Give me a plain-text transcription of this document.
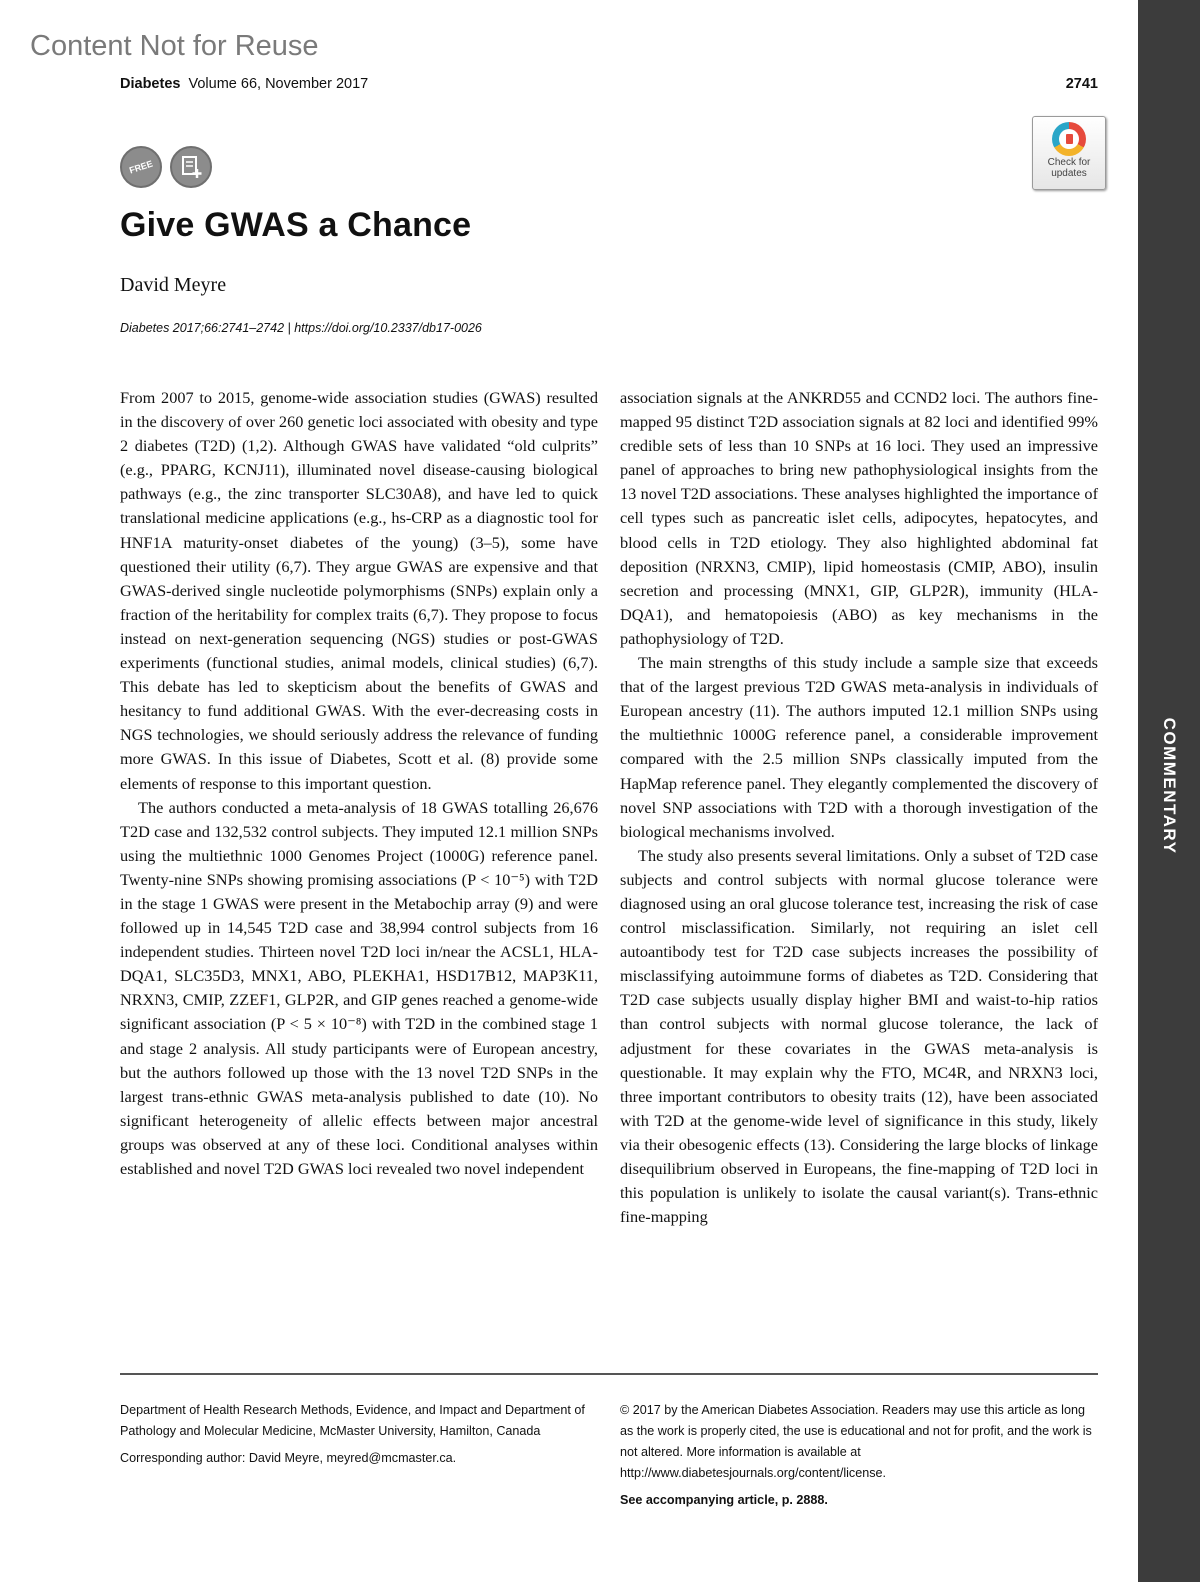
Content Not for Reuse
Diabetes Volume 66, November 2017	2741
FREE	Check for
updates
Give GWAS a Chance
David Meyre
Diabetes 2017;66:2741–2742 | https://doi.org/10.2337/db17-0026

From 2007 to 2015, genome-wide association studies (GWAS) resulted in the discovery of over 260 genetic loci associated with obesity and type 2 diabetes (T2D) (1,2). Although GWAS have validated “old culprits” (e.g., PPARG, KCNJ11), illuminated novel disease-causing biological pathways (e.g., the zinc transporter SLC30A8), and have led to quick translational medicine applications (e.g., hs-CRP as a diagnostic tool for HNF1A maturity-onset diabetes of the young) (3–5), some have questioned their utility (6,7). They argue GWAS are expensive and that GWAS-derived single nucleotide polymorphisms (SNPs) explain only a fraction of the heritability for complex traits (6,7). They propose to focus instead on next-generation sequencing (NGS) studies or post-GWAS experiments (functional studies, animal models, clinical studies) (6,7). This debate has led to skepticism about the benefits of GWAS and hesitancy to fund additional GWAS. With the ever-decreasing costs in NGS technologies, we should seriously address the relevance of funding more GWAS. In this issue of Diabetes, Scott et al. (8) provide some elements of response to this important question.

The authors conducted a meta-analysis of 18 GWAS totalling 26,676 T2D case and 132,532 control subjects. They imputed 12.1 million SNPs using the multiethnic 1000 Genomes Project (1000G) reference panel. Twenty-nine SNPs showing promising associations (P < 10⁻⁵) with T2D in the stage 1 GWAS were present in the Metabochip array (9) and were followed up in 14,545 T2D case and 38,994 control subjects from 16 independent studies. Thirteen novel T2D loci in/near the ACSL1, HLA-DQA1, SLC35D3, MNX1, ABO, PLEKHA1, HSD17B12, MAP3K11, NRXN3, CMIP, ZZEF1, GLP2R, and GIP genes reached a genome-wide significant association (P < 5 × 10⁻⁸) with T2D in the combined stage 1 and stage 2 analysis. All study participants were of European ancestry, but the authors followed up those with the 13 novel T2D SNPs in the largest trans-ethnic GWAS meta-analysis published to date (10). No significant heterogeneity of allelic effects between major ancestral groups was observed at any of these loci. Conditional analyses within established and novel T2D GWAS loci revealed two novel independent

association signals at the ANKRD55 and CCND2 loci. The authors fine-mapped 95 distinct T2D association signals at 82 loci and identified 99% credible sets of less than 10 SNPs at 16 loci. They used an impressive panel of approaches to bring new pathophysiological insights from the 13 novel T2D associations. These analyses highlighted the importance of cell types such as pancreatic islet cells, adipocytes, hepatocytes, and blood cells in T2D etiology. They also highlighted abdominal fat deposition (NRXN3, CMIP), lipid homeostasis (CMIP, ABO), insulin secretion and processing (MNX1, GIP, GLP2R), immunity (HLA-DQA1), and hematopoiesis (ABO) as key mechanisms in the pathophysiology of T2D.

The main strengths of this study include a sample size that exceeds that of the largest previous T2D GWAS meta-analysis in individuals of European ancestry (11). The authors imputed 12.1 million SNPs using the multiethnic 1000G reference panel, a considerable improvement compared with the 2.5 million SNPs classically imputed from the HapMap reference panel. They elegantly complemented the discovery of novel SNP associations with T2D with a thorough investigation of the biological mechanisms involved.

The study also presents several limitations. Only a subset of T2D case subjects and control subjects with normal glucose tolerance were diagnosed using an oral glucose tolerance test, increasing the risk of case control misclassification. Similarly, not requiring an islet cell autoantibody test for T2D case subjects increases the possibility of misclassifying autoimmune forms of diabetes as T2D. Considering that T2D case subjects usually display higher BMI and waist-to-hip ratios than control subjects with normal glucose tolerance, the lack of adjustment for these covariates in the GWAS meta-analysis is questionable. It may explain why the FTO, MC4R, and NRXN3 loci, three important contributors to obesity traits (12), have been associated with T2D at the genome-wide level of significance in this study, likely via their obesogenic effects (13). Considering the large blocks of linkage disequilibrium observed in Europeans, the fine-mapping of T2D loci in this population is unlikely to isolate the causal variant(s). Trans-ethnic fine-mapping

COMMENTARY

Department of Health Research Methods, Evidence, and Impact and Department of Pathology and Molecular Medicine, McMaster University, Hamilton, Canada

Corresponding author: David Meyre, meyred@mcmaster.ca.

© 2017 by the American Diabetes Association. Readers may use this article as long as the work is properly cited, the use is educational and not for profit, and the work is not altered. More information is available at http://www.diabetesjournals.org/content/license.

See accompanying article, p. 2888.
